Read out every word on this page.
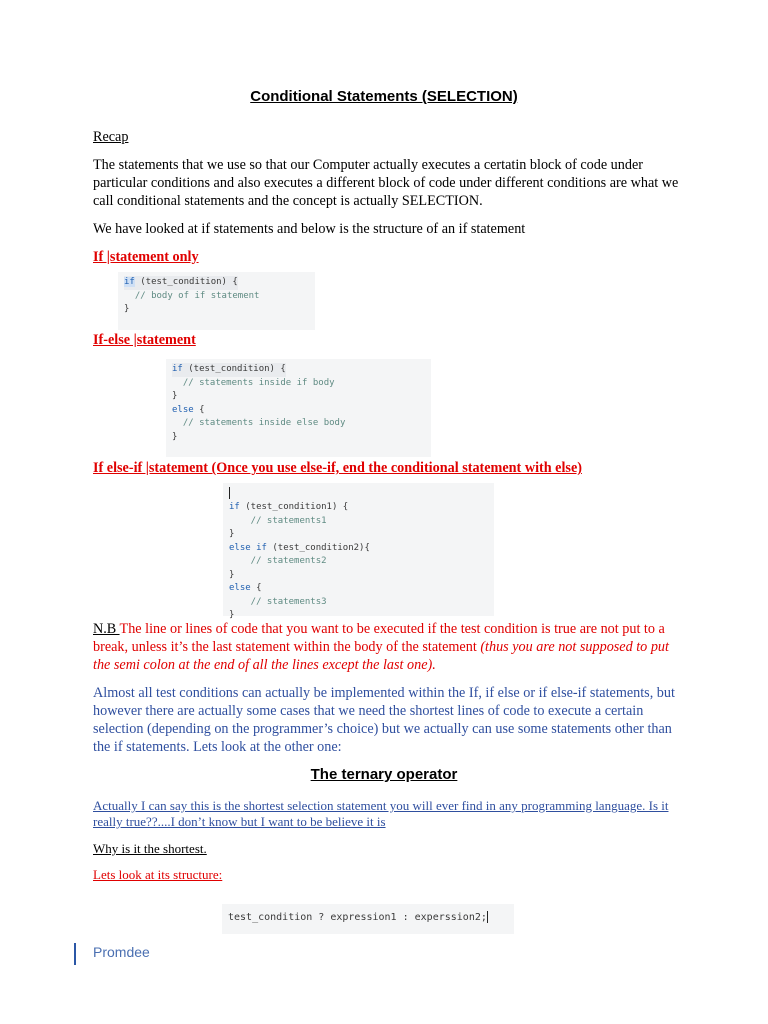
Conditional Statements (SELECTION)
Recap
The statements that we use so that our Computer actually executes a certatin block of code under particular conditions and also executes a different block of code under different conditions are what we call conditional statements and the concept is actually SELECTION.
We have looked at if statements and below is the structure of an if statement
If |statement only
if (test_condition) {
// body of if statement
}
If-else |statement
if (test_condition) {
// statements inside if body
}
else {
// statements inside else body
}
If else-if |statement (Once you use else-if, end the conditional statement with else)

if (test_condition1) {
// statements1
}
else if (test_condition2){
// statements2
}
else {
// statements3
}
N.B The line or lines of code that you want to be executed if the test condition is true are not put to a break, unless it’s the last statement within the body of the statement (thus you are not supposed to put the semi colon at the end of all the lines except the last one).
Almost all test conditions can actually be implemented within the If, if else or if else-if statements, but however there are actually some cases that we need the shortest lines of code to execute a certain selection (depending on the programmer’s choice) but we actually can use some statements other than the if statements. Lets look at the other one:
The ternary operator
Actually I can say this is the shortest selection statement you will ever find in any programming language. Is it really true??....I don’t know but I want to be believe it is
Why is it the shortest.
Lets look at its structure:
test_condition ? expression1 : experssion2;
Promdee
